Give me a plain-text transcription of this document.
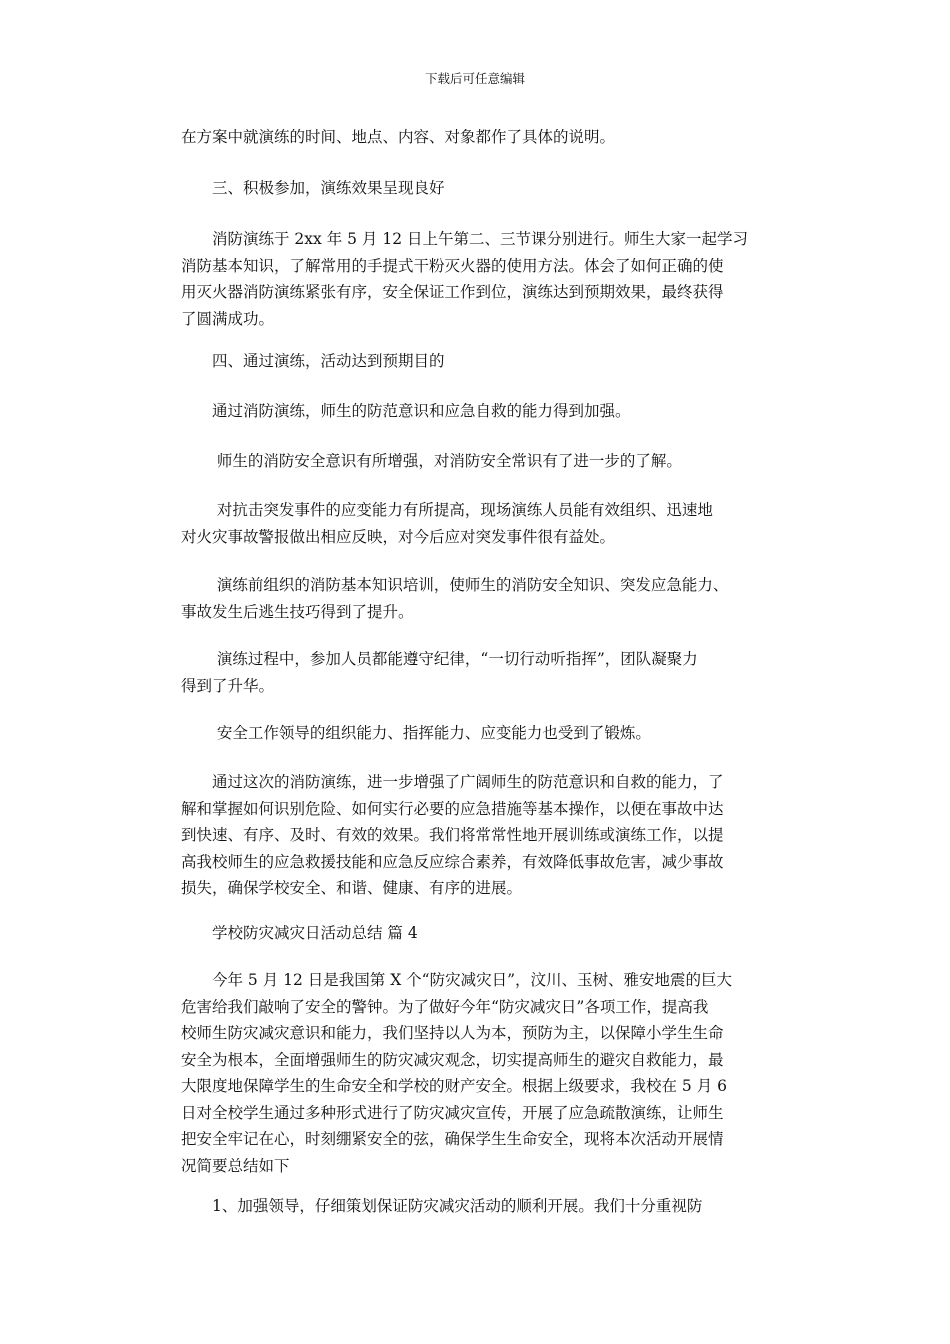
下载后可任意编辑
在方案中就演练的时间、地点、内容、对象都作了具体的说明。
　　三、积极参加，演练效果呈现良好
　　消防演练于 2xx 年 5 月 12 日上午第二、三节课分别进行。师生大家一起学习
消防基本知识，了解常用的手提式干粉灭火器的使用方法。体会了如何正确的使
用灭火器消防演练紧张有序，安全保证工作到位，演练达到预期效果，最终获得
了圆满成功。
　　四、通过演练，活动达到预期目的
　　通过消防演练，师生的防范意识和应急自救的能力得到加强。
　　 师生的消防安全意识有所增强，对消防安全常识有了进一步的了解。
　　 对抗击突发事件的应变能力有所提高，现场演练人员能有效组织、迅速地
对火灾事故警报做出相应反映，对今后应对突发事件很有益处。
　　 演练前组织的消防基本知识培训，使师生的消防安全知识、突发应急能力、
事故发生后逃生技巧得到了提升。
　　 演练过程中，参加人员都能遵守纪律，“一切行动听指挥”，团队凝聚力
得到了升华。
　　 安全工作领导的组织能力、指挥能力、应变能力也受到了锻炼。
　　通过这次的消防演练，进一步增强了广阔师生的防范意识和自救的能力，了
解和掌握如何识别危险、如何实行必要的应急措施等基本操作，以便在事故中达
到快速、有序、及时、有效的效果。我们将常常性地开展训练或演练工作，以提
高我校师生的应急救援技能和应急反应综合素养，有效降低事故危害，减少事故
损失，确保学校安全、和谐、健康、有序的进展。
　　学校防灾减灾日活动总结 篇 4
　　今年 5 月 12 日是我国第 X 个“防灾减灾日”，汶川、玉树、雅安地震的巨大
危害给我们敲响了安全的警钟。为了做好今年“防灾减灾日”各项工作，提高我
校师生防灾减灾意识和能力，我们坚持以人为本，预防为主，以保障小学生生命
安全为根本，全面增强师生的防灾减灾观念，切实提高师生的避灾自救能力，最
大限度地保障学生的生命安全和学校的财产安全。根据上级要求，我校在 5 月 6
日对全校学生通过多种形式进行了防灾减灾宣传，开展了应急疏散演练，让师生
把安全牢记在心，时刻绷紧安全的弦，确保学生生命安全，现将本次活动开展情
况简要总结如下
　　1、加强领导，仔细策划保证防灾减灾活动的顺利开展。我们十分重视防
